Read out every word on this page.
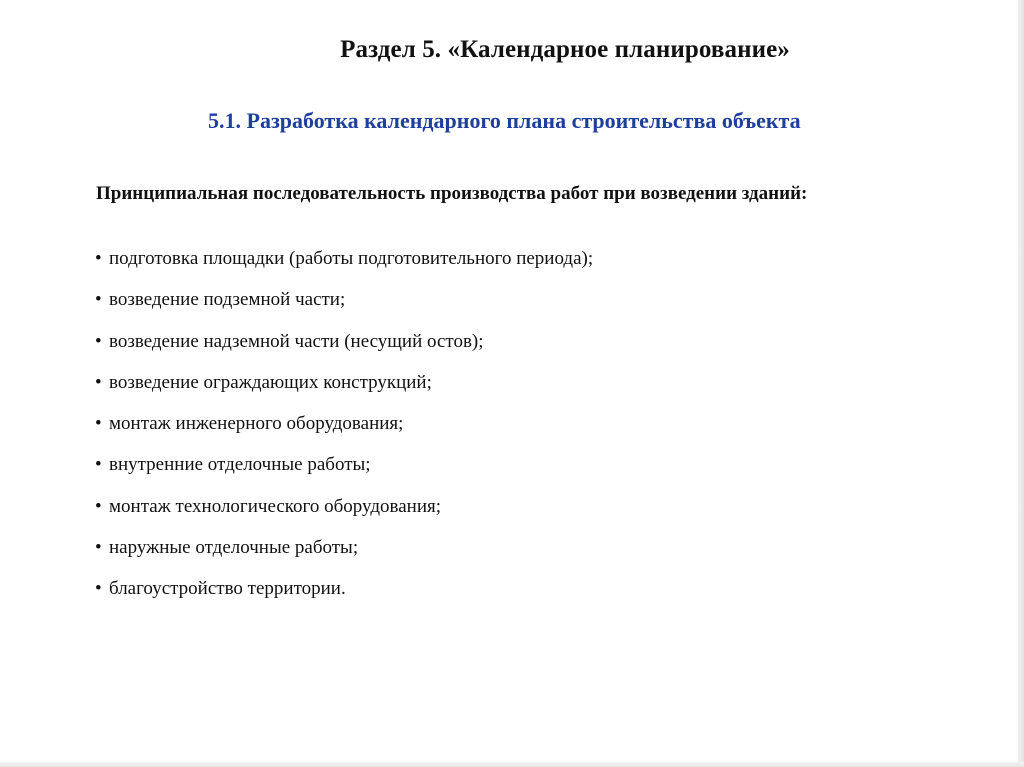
Раздел 5. «Календарное планирование»
5.1. Разработка календарного плана строительства объекта
Принципиальная последовательность производства работ при возведении зданий:
• подготовка площадки (работы подготовительного периода);
• возведение подземной части;
• возведение надземной части (несущий остов);
• возведение ограждающих конструкций;
• монтаж инженерного оборудования;
• внутренние отделочные работы;
• монтаж технологического оборудования;
• наружные отделочные работы;
• благоустройство территории.
